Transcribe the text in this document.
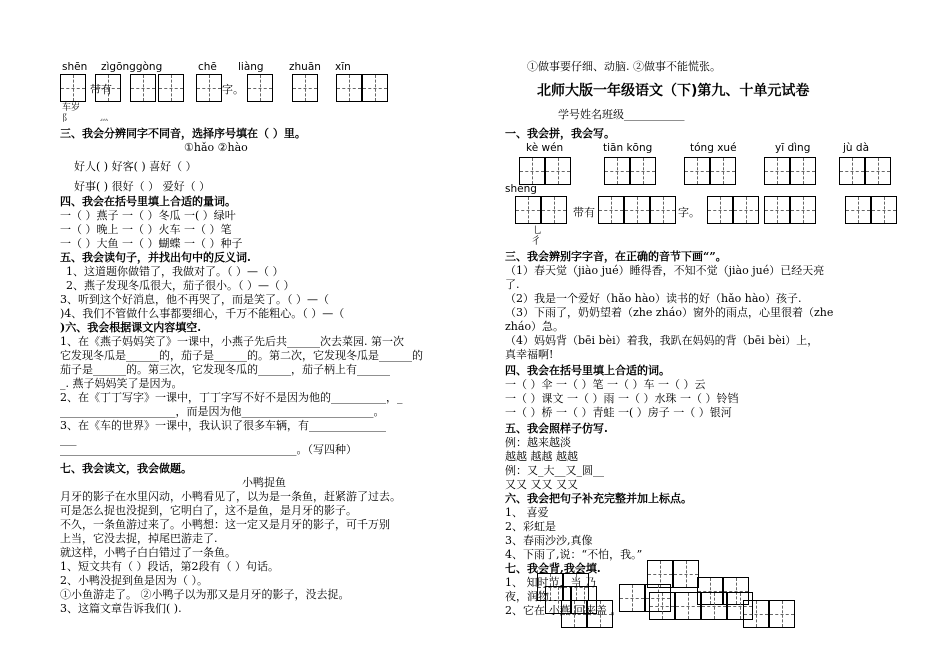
shēn zìgōnggòng	chē liàng zhuān xīn
带有	字。
车岁
阝	灬
三、我会分辨同字不同音，选择序号填在（ ）里。
①hǎo ②hào
好人( ) 好客( ) 喜好（ ）
好事( ) 很好（ ） 爱好（ ）
四、我会在括号里填上合适的量词。
一（ ）燕子 一（ ）冬瓜 一( ）绿叶
一（ ）晚上 一（ ）火车 一（ ）笔
一（ ）大鱼 一（ ）蝴蝶 一（ ）种子
五、我会读句子，并找出句中的反义词.
1、这道题你做错了，我做对了。（ ）—（ ）
2、燕子发现冬瓜很大，茄子很小。（ ）—（ ）
3、听到这个好消息，他不再哭了，而是笑了。（ ）—（
)4、我们不管做什么事都要细心，千万不能粗心。（ ）—（
)六、我会根据课文内容填空.
1、在《燕子妈妈笑了》一课中，小燕子先后共______次去菜园. 第一次
它发现冬瓜是______的，茄子是______的。第二次，它发现冬瓜是______的
茄子是______的。第三次，它发现冬瓜的______，茄子柄上有______
_. 燕子妈妈笑了是因为。
2、在《丁丁写字》一课中，丁丁字写不好不是因为他的__________，_
_____________________，而是因为他________________________。
3、在《车的世界》一课中，我认识了很多车辆，有______________
___
___________________________________________。（写四种）
七、我会读文，我会做题。
小鸭捉鱼
月牙的影子在水里闪动，小鸭看见了，以为是一条鱼，赶紧游了过去。
可是怎么捉也没捉到，它明白了，这不是鱼，是月牙的影子。
不久，一条鱼游过来了。小鸭想：这一定又是月牙的影子，可千万别
上当，它没去捉，掉尾巴游走了.
就这样，小鸭子白白错过了一条鱼。
1、短文共有（ ）段话，第2段有（ ）句话。
2、小鸭没捉到鱼是因为（ ）。
①小鱼游走了。 ②小鸭子以为那又是月牙的影子，没去捉。
3、这篇文章告诉我们( ).
①做事要仔细、动脑. ②做事不能慌张。
北师大版一年级语文（下)第九、十单元试卷
学号姓名班级___________
一、我会拼，我会写。
kè wén	tiān kōng	tóng xué	yī dìng	jù dà
shēng
带有	字。
乚
彳
三、我会辨别字字音，在正确的音节下画“”。
（1）春天觉（jiào jué）睡得香，不知不觉（jiào jué）已经天亮
了.
（2）我是一个爱好（hǎo hào）读书的好（hǎo hào）孩子.
（3）下雨了，奶奶望着（zhe zháo）窗外的雨点，心里很着（zhe
zháo）急。
（4）妈妈背（bēi bèi）着我，我趴在妈妈的背（bēi bèi）上，
真幸福啊!
四、我会在括号里填上合适的词。
一（ ）伞 一（ ）笔 一（ ）车 一（ ）云
一（ ）课文 一（ ）雨 一（ ）水珠 一（ ）铃铛
一（ ）桥 一（ ）青蛙 一( ）房子 一（ ）银河
五、我会照样子仿写.
例：越来越淡
越越 越越 越越
例：又_大__又_圆__
又又 又又 又又
六、我会把句子补充完整并加上标点。
1、 喜爱
2、彩虹是
3、春雨沙沙,真像
4、下雨了,说：“不怕，我。”
七、我会背,我会填.
1、 知时节，当 乃
夜，润物
2、它在 小燕 回来盖 。
